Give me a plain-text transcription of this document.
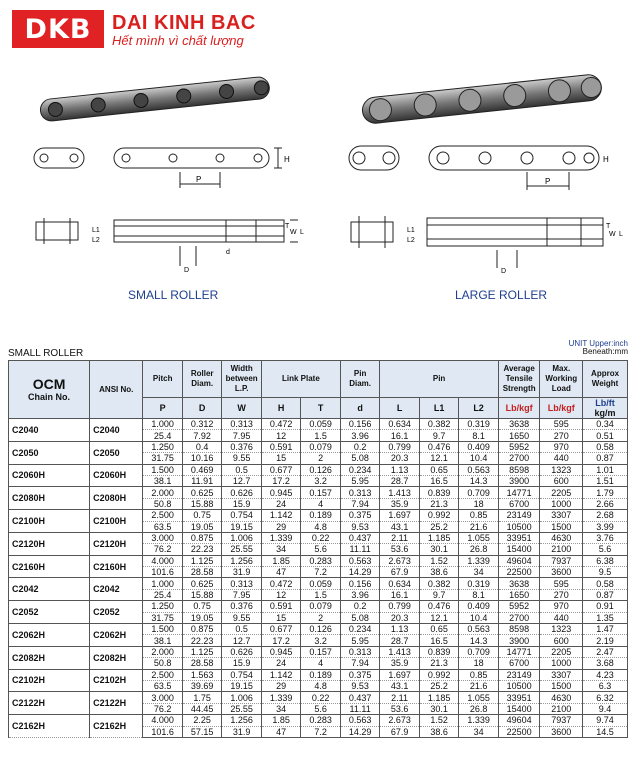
DKB DAI KINH BAC
Hết mình vì chất lượng
H
P
H
P
L1
L2
T
W L
D
d
L1
L2
T
W L
D
SMALL ROLLER	LARGE ROLLER
UNIT Upper:inch
Beneath:mm
SMALL ROLLER
OCM
Chain No.	ANSI No.	Pitch	Roller Diam.	Width between L.P.	Link Plate		Pin Diam.	Pin			Average Tensile Strength	Max. Working Load	Approx Weight
		P	D	W	H	T	d	L	L1	L2	Lb/kgf	Lb/kgf	Lb/ft
kg/m
C2040	C2040	1.000	0.312	0.313	0.472	0.059	0.156	0.634	0.382	0.319	3638	595	0.34
		25.4	7.92	7.95	12	1.5	3.96	16.1	9.7	8.1	1650	270	0.51
C2050	C2050	1.250	0.4	0.376	0.591	0.079	0.2	0.799	0.476	0.409	5952	970	0.58
		31.75	10.16	9.55	15	2	5.08	20.3	12.1	10.4	2700	440	0.87
C2060H	C2060H	1.500	0.469	0.5	0.677	0.126	0.234	1.13	0.65	0.563	8598	1323	1.01
		38.1	11.91	12.7	17.2	3.2	5.95	28.7	16.5	14.3	3900	600	1.51
C2080H	C2080H	2.000	0.625	0.626	0.945	0.157	0.313	1.413	0.839	0.709	14771	2205	1.79
		50.8	15.88	15.9	24	4	7.94	35.9	21.3	18	6700	1000	2.66
C2100H	C2100H	2.500	0.75	0.754	1.142	0.189	0.375	1.697	0.992	0.85	23149	3307	2.68
		63.5	19.05	19.15	29	4.8	9.53	43.1	25.2	21.6	10500	1500	3.99
C2120H	C2120H	3.000	0.875	1.006	1.339	0.22	0.437	2.11	1.185	1.055	33951	4630	3.76
		76.2	22.23	25.55	34	5.6	11.11	53.6	30.1	26.8	15400	2100	5.6
C2160H	C2160H	4.000	1.125	1.256	1.85	0.283	0.563	2.673	1.52	1.339	49604	7937	6.38
		101.6	28.58	31.9	47	7.2	14.29	67.9	38.6	34	22500	3600	9.5
C2042	C2042	1.000	0.625	0.313	0.472	0.059	0.156	0.634	0.382	0.319	3638	595	0.58
		25.4	15.88	7.95	12	1.5	3.96	16.1	9.7	8.1	1650	270	0.87
C2052	C2052	1.250	0.75	0.376	0.591	0.079	0.2	0.799	0.476	0.409	5952	970	0.91
		31.75	19.05	9.55	15	2	5.08	20.3	12.1	10.4	2700	440	1.35
C2062H	C2062H	1.500	0.875	0.5	0.677	0.126	0.234	1.13	0.65	0.563	8598	1323	1.47
		38.1	22.23	12.7	17.2	3.2	5.95	28.7	16.5	14.3	3900	600	2.19
C2082H	C2082H	2.000	1.125	0.626	0.945	0.157	0.313	1.413	0.839	0.709	14771	2205	2.47
		50.8	28.58	15.9	24	4	7.94	35.9	21.3	18	6700	1000	3.68
C2102H	C2102H	2.500	1.563	0.754	1.142	0.189	0.375	1.697	0.992	0.85	23149	3307	4.23
		63.5	39.69	19.15	29	4.8	9.53	43.1	25.2	21.6	10500	1500	6.3
C2122H	C2122H	3.000	1.75	1.006	1.339	0.22	0.437	2.11	1.185	1.055	33951	4630	6.32
		76.2	44.45	25.55	34	5.6	11.11	53.6	30.1	26.8	15400	2100	9.4
C2162H	C2162H	4.000	2.25	1.256	1.85	0.283	0.563	2.673	1.52	1.339	49604	7937	9.74
		101.6	57.15	31.9	47	7.2	14.29	67.9	38.6	34	22500	3600	14.5
